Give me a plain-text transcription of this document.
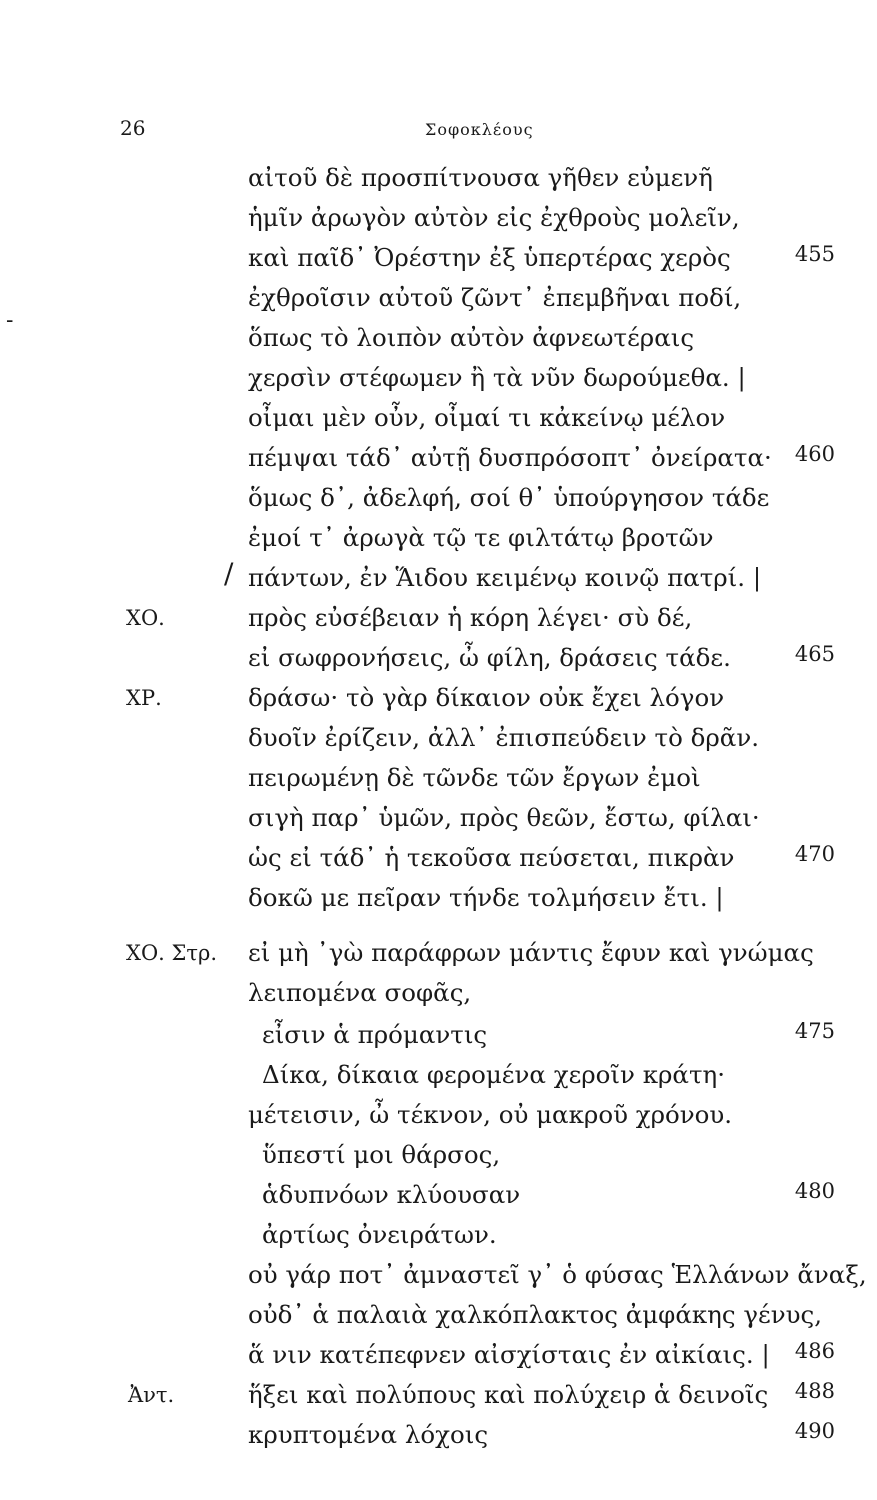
26	Σοφοκλέους
-
/
αἰτοῦ δὲ προσπίτνουσα γῆθεν εὐμενῆ
ἡμῖν ἀρωγὸν αὐτὸν εἰς ἐχθροὺς μολεῖν,
καὶ παῖδ᾽ Ὀρέστην ἐξ ὑπερτέρας χερὸς	455
ἐχθροῖσιν αὐτοῦ ζῶντ᾽ ἐπεμβῆναι ποδί,
ὅπως τὸ λοιπὸν αὐτὸν ἀφνεωτέραις
χερσὶν στέφωμεν ἢ τὰ νῦν δωρούμεθα. |
οἶμαι μὲν οὖν, οἶμαί τι κἀκείνῳ μέλον
πέμψαι τάδ᾽ αὐτῇ δυσπρόσοπτ᾽ ὀνείρατα· 460
ὅμως δ᾽, ἀδελφή, σοί θ᾽ ὑπούργησον τάδε
ἐμοί τ᾽ ἀρωγὰ τῷ τε φιλτάτῳ βροτῶν
πάντων, ἐν Ἅιδου κειμένῳ κοινῷ πατρί. |
ΧΟ.	πρὸς εὐσέβειαν ἡ κόρη λέγει· σὺ δέ,
εἰ σωφρονήσεις, ὦ φίλη, δράσεις τάδε.	465
ΧΡ.	δράσω· τὸ γὰρ δίκαιον οὐκ ἔχει λόγον
δυοῖν ἐρίζειν, ἀλλ᾽ ἐπισπεύδειν τὸ δρᾶν.
πειρωμένῃ δὲ τῶνδε τῶν ἔργων ἐμοὶ
σιγὴ παρ᾽ ὑμῶν, πρὸς θεῶν, ἔστω, φίλαι·
ὡς εἰ τάδ᾽ ἡ τεκοῦσα πεύσεται, πικρὰν	470
δοκῶ με πεῖραν τήνδε τολμήσειν ἔτι. |
ΧΟ. Στρ. εἰ μὴ ᾽γὼ παράφρων μάντις ἔφυν καὶ γνώμας
λειπομένα σοφᾶς,
εἶσιν ἁ πρόμαντις	475
Δίκα, δίκαια φερομένα χεροῖν κράτη·
μέτεισιν, ὦ τέκνον, οὐ μακροῦ χρόνου.
ὕπεστί μοι θάρσος,
ἁδυπνόων κλύουσαν	480
ἀρτίως ὀνειράτων.
οὐ γάρ ποτ᾽ ἀμναστεῖ γ᾽ ὁ φύσας Ἑλλάνων ἄναξ,
οὐδ᾽ ἁ παλαιὰ χαλκόπλακτος ἀμφάκης γένυς,
ἅ νιν κατέπεφνεν αἰσχίσταις ἐν αἰκίαις. | 486
Ἀντ.	ἥξει καὶ πολύπους καὶ πολύχειρ ἁ δεινοῖς 488
κρυπτομένα λόχοις	490
